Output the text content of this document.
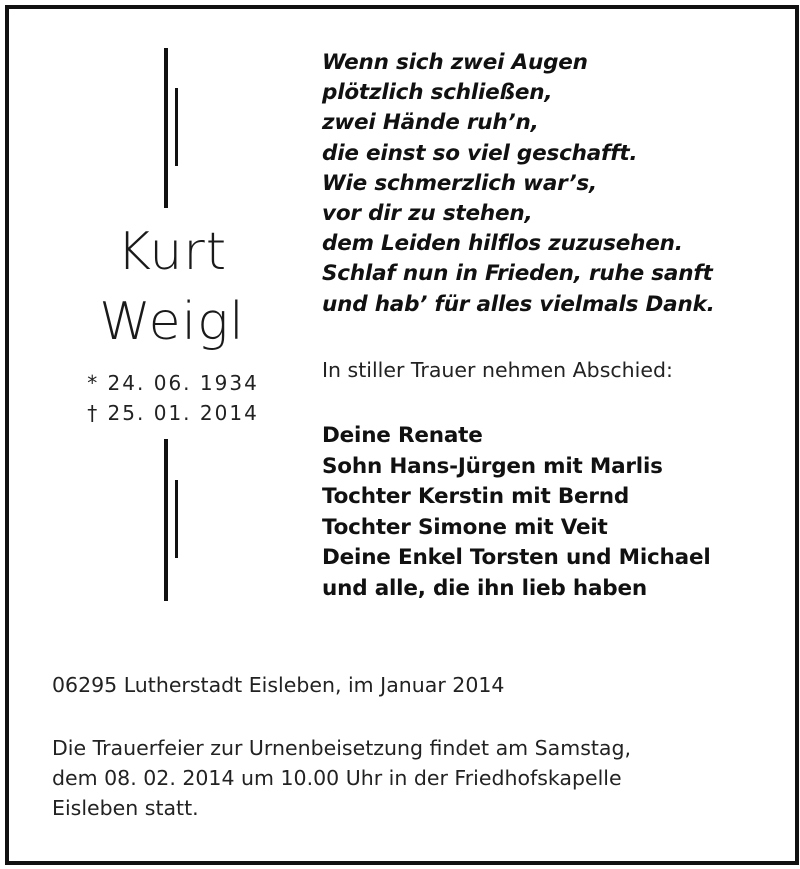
Kurt
Weigl
* 24. 06. 1934
† 25. 01. 2014
Wenn sich zwei Augen
plötzlich schließen,
zwei Hände ruh’n,
die einst so viel geschafft.
Wie schmerzlich war’s,
vor dir zu stehen,
dem Leiden hilflos zuzusehen.
Schlaf nun in Frieden, ruhe sanft
und hab’ für alles vielmals Dank.
In stiller Trauer nehmen Abschied:
Deine Renate
Sohn Hans-Jürgen mit Marlis
Tochter Kerstin mit Bernd
Tochter Simone mit Veit
Deine Enkel Torsten und Michael
und alle, die ihn lieb haben
06295 Lutherstadt Eisleben, im Januar 2014
Die Trauerfeier zur Urnenbeisetzung findet am Samstag,
dem 08. 02. 2014 um 10.00 Uhr in der Friedhofskapelle
Eisleben statt.
